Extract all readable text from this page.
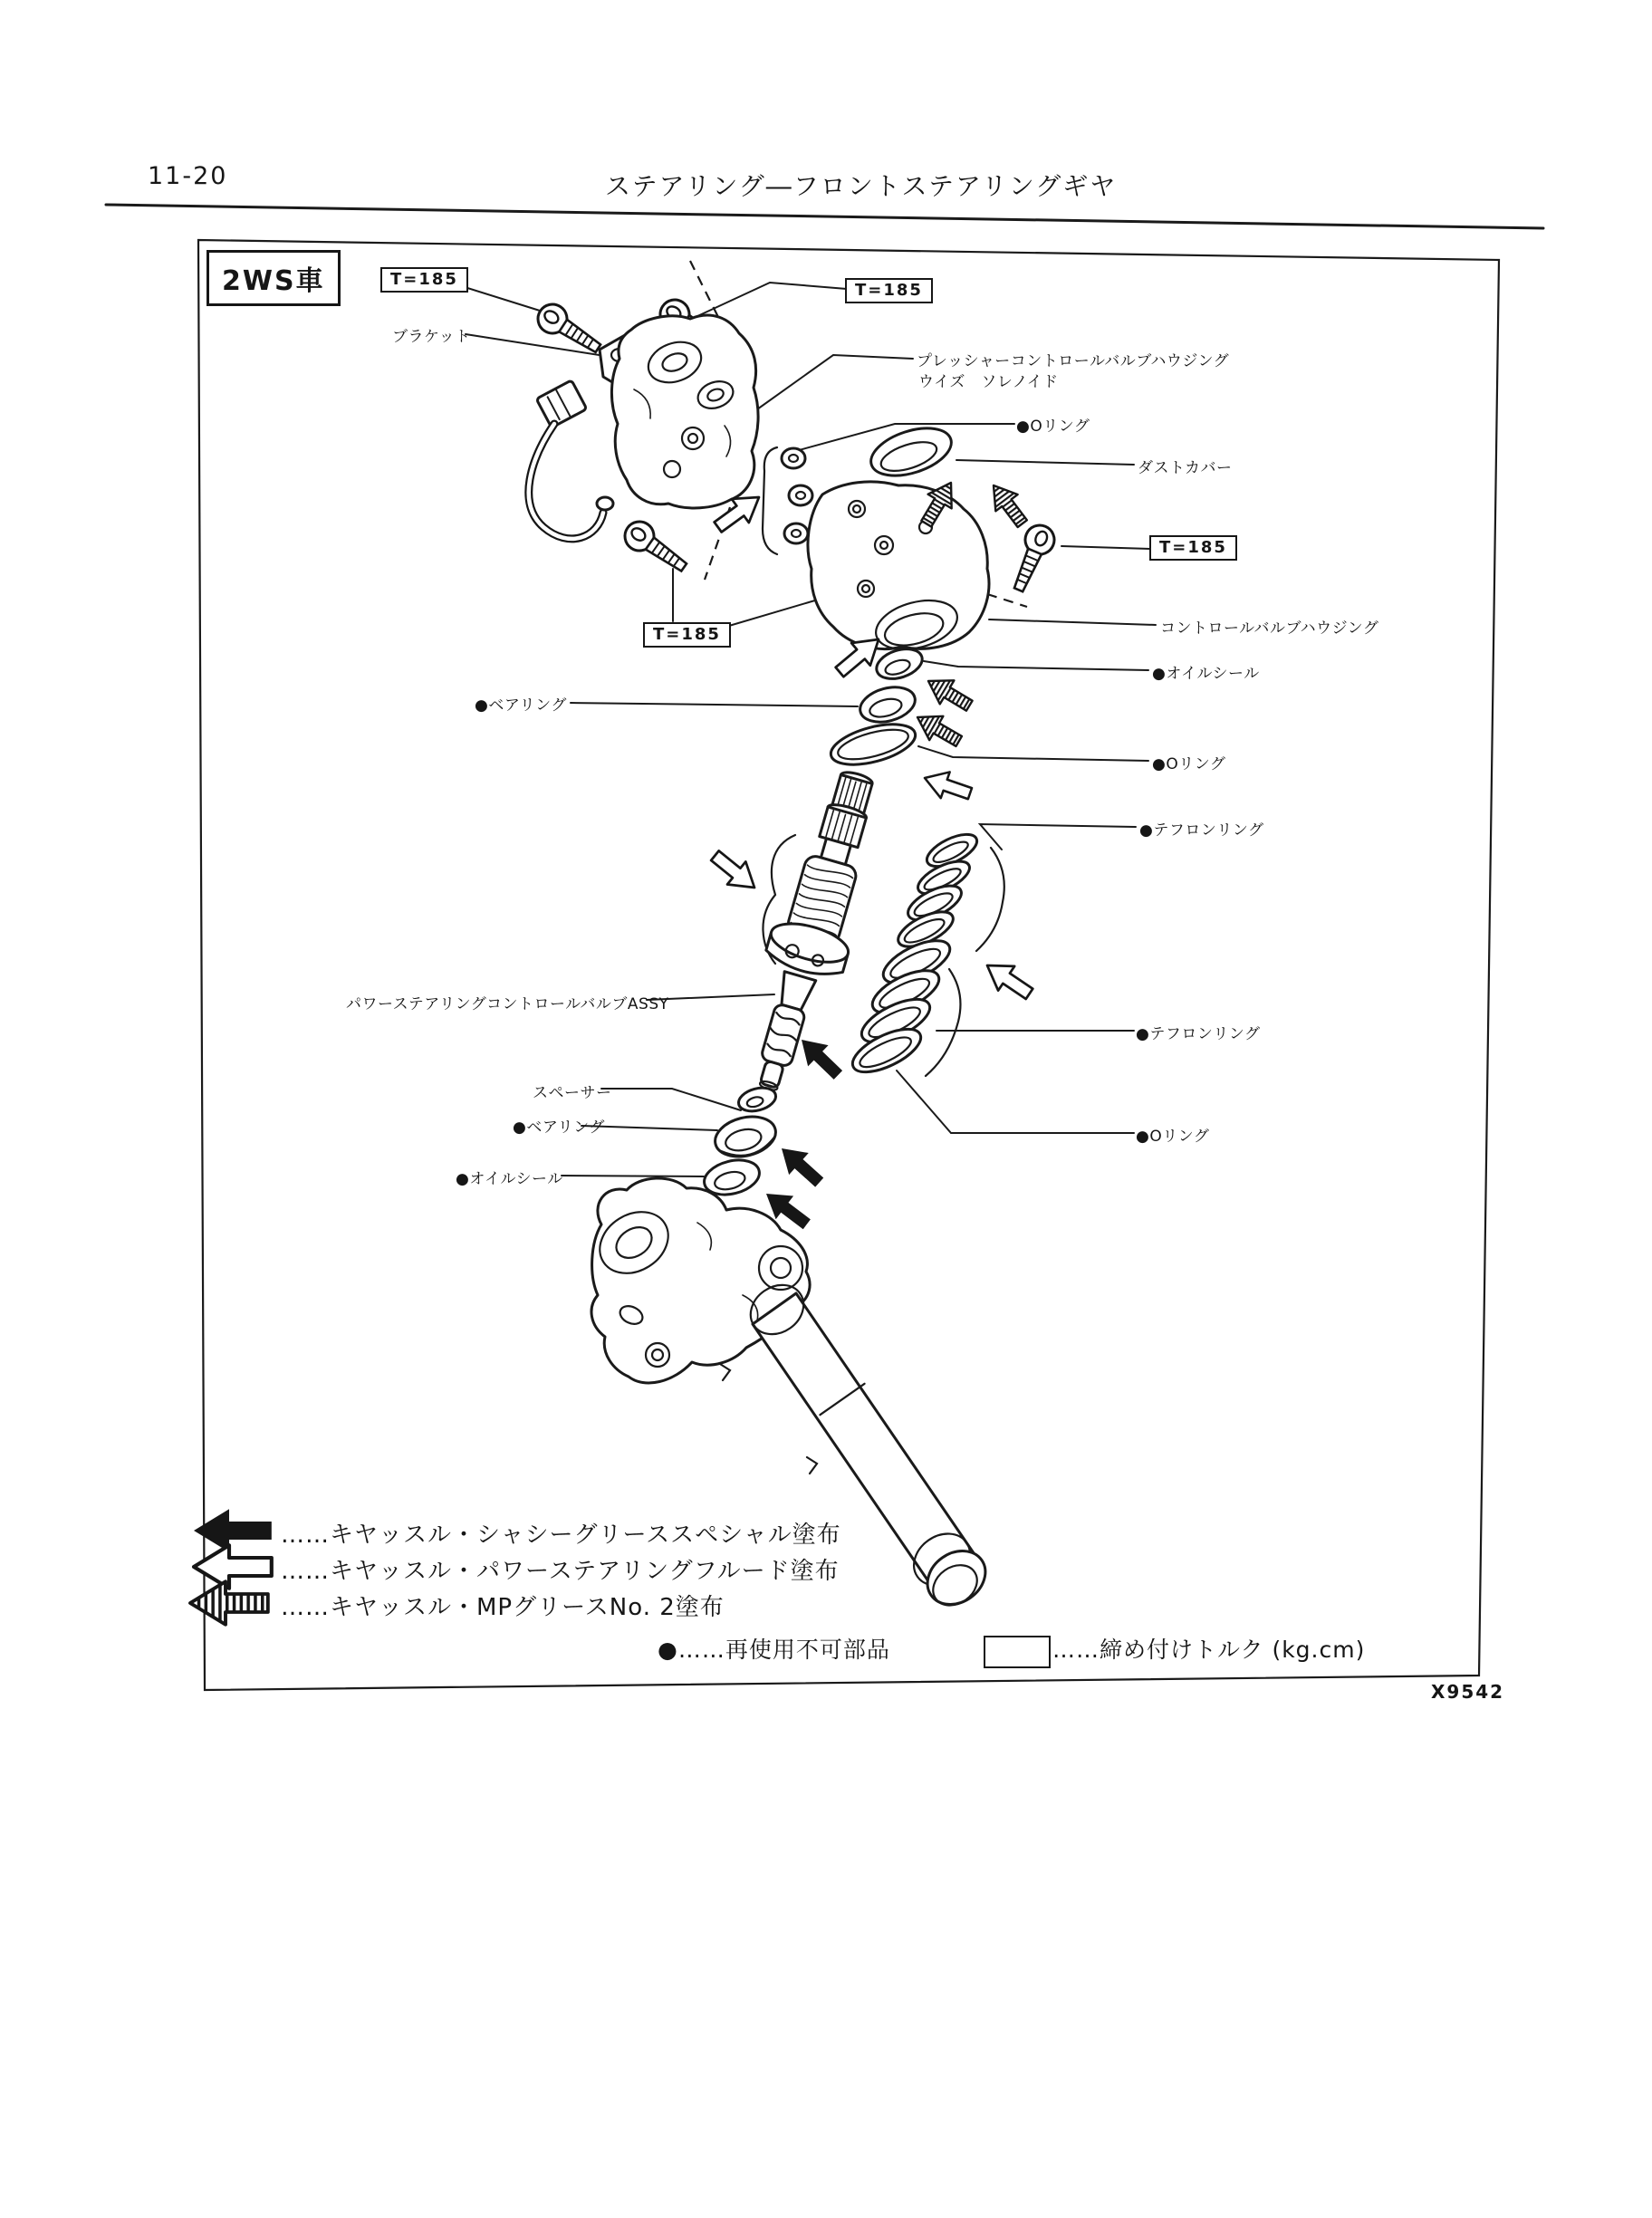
11-20	ステアリング―フロントステアリングギヤ
2WS車	T=185
T=185
T=185
T=185
ブラケット
プレッシャーコントロールバルブハウジング
ウイズ　ソレノイド
●Oリング
ダストカバー
コントロールバルブハウジング
●オイルシール
●ベアリング
●Oリング
●テフロンリング
パワーステアリングコントロールバルブASSY
●テフロンリング
スペーサー
●ベアリング	●Oリング
●オイルシール
……キヤッスル・シャシーグリーススペシャル塗布
……キヤッスル・パワーステアリングフルード塗布
……キヤッスル・MPグリースNo. 2塗布
●……再使用不可部品	……締め付けトルク (kg.cm)
X9542
